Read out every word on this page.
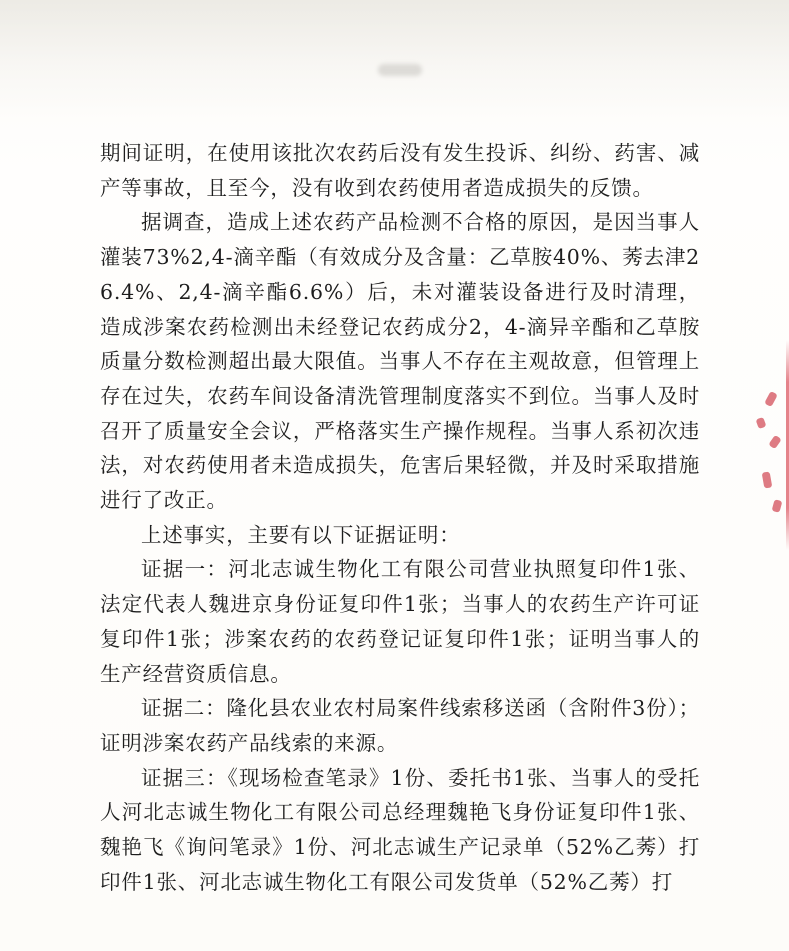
期间证明，在使用该批次农药后没有发生投诉、纠纷、药害、减产等事故，且至今，没有收到农药使用者造成损失的反馈。

据调查，造成上述农药产品检测不合格的原因，是因当事人灌装73%2,4-滴辛酯（有效成分及含量：乙草胺40%、莠去津26.4%、2,4-滴辛酯6.6%）后，未对灌装设备进行及时清理，造成涉案农药检测出未经登记农药成分2，4-滴异辛酯和乙草胺质量分数检测超出最大限值。当事人不存在主观故意，但管理上存在过失，农药车间设备清洗管理制度落实不到位。当事人及时召开了质量安全会议，严格落实生产操作规程。当事人系初次违法，对农药使用者未造成损失，危害后果轻微，并及时采取措施进行了改正。

上述事实，主要有以下证据证明：

证据一：河北志诚生物化工有限公司营业执照复印件1张、法定代表人魏进京身份证复印件1张；当事人的农药生产许可证复印件1张；涉案农药的农药登记证复印件1张；证明当事人的生产经营资质信息。

证据二：隆化县农业农村局案件线索移送函（含附件3份）；证明涉案农药产品线索的来源。

证据三：《现场检查笔录》1份、委托书1张、当事人的受托人河北志诚生物化工有限公司总经理魏艳飞身份证复印件1张、魏艳飞《询问笔录》1份、河北志诚生产记录单（52%乙莠）打印件1张、河北志诚生物化工有限公司发货单（52%乙莠）打
